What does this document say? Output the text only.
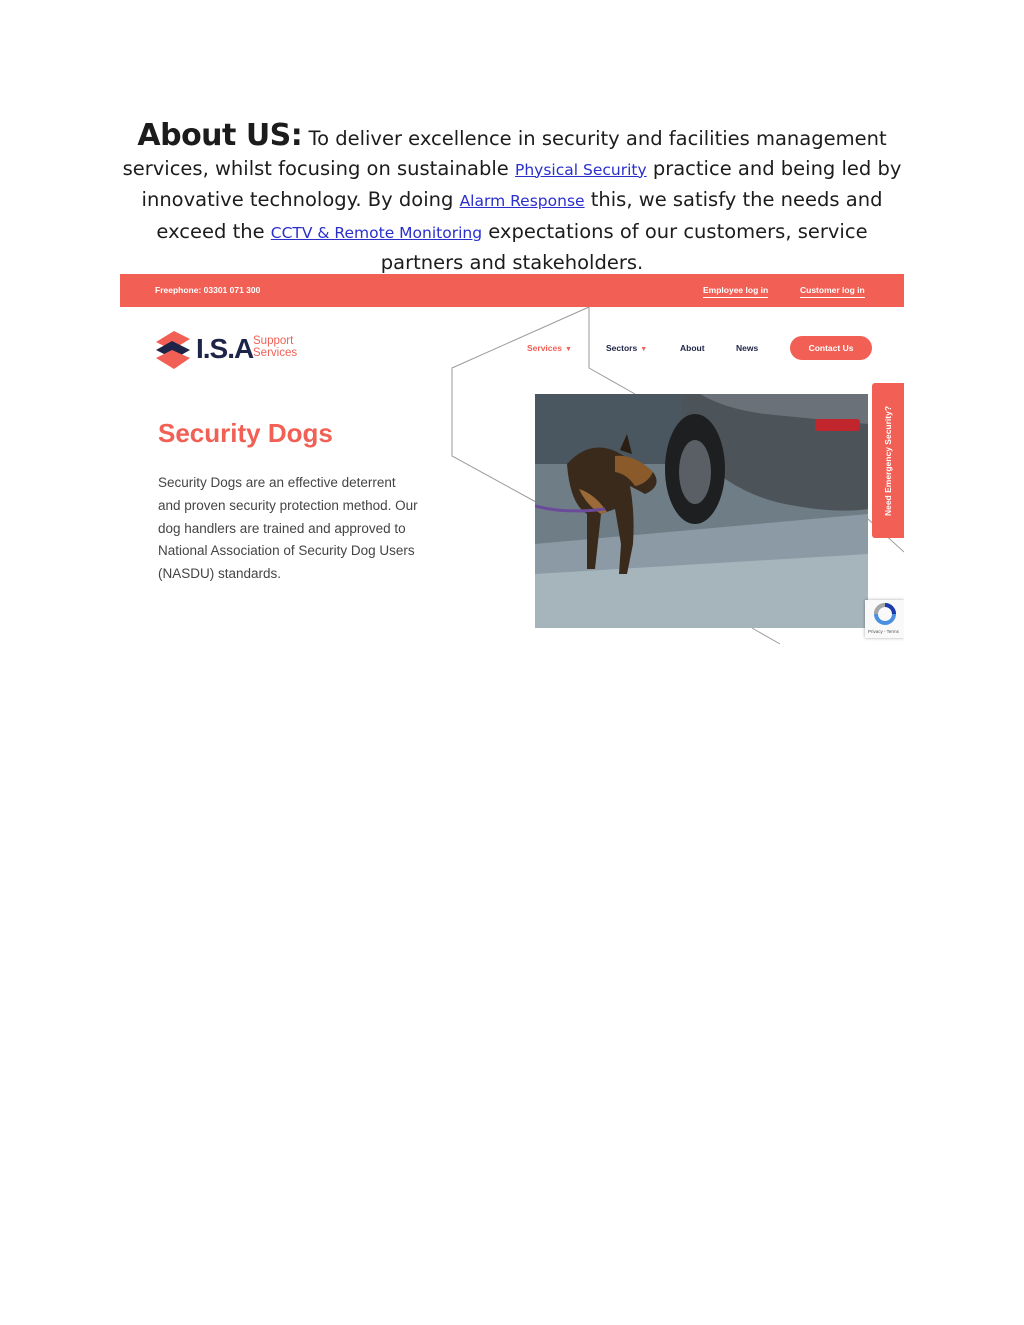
About US: To deliver excellence in security and facilities management services, whilst focusing on sustainable Physical Security practice and being led by innovative technology. By doing Alarm Response this, we satisfy the needs and exceed the CCTV & Remote Monitoring expectations of our customers, service partners and stakeholders.
Freephone: 03301 071 300	Employee log in	Customer log in
I.S.A Support
Services	Services ▼	Sectors ▼	About	News	Contact Us
Security Dogs
Security Dogs are an effective deterrent and proven security protection method. Our dog handlers are trained and approved to National Association of Security Dog Users (NASDU) standards.
Need Emergency Security?
Privacy - Terms
